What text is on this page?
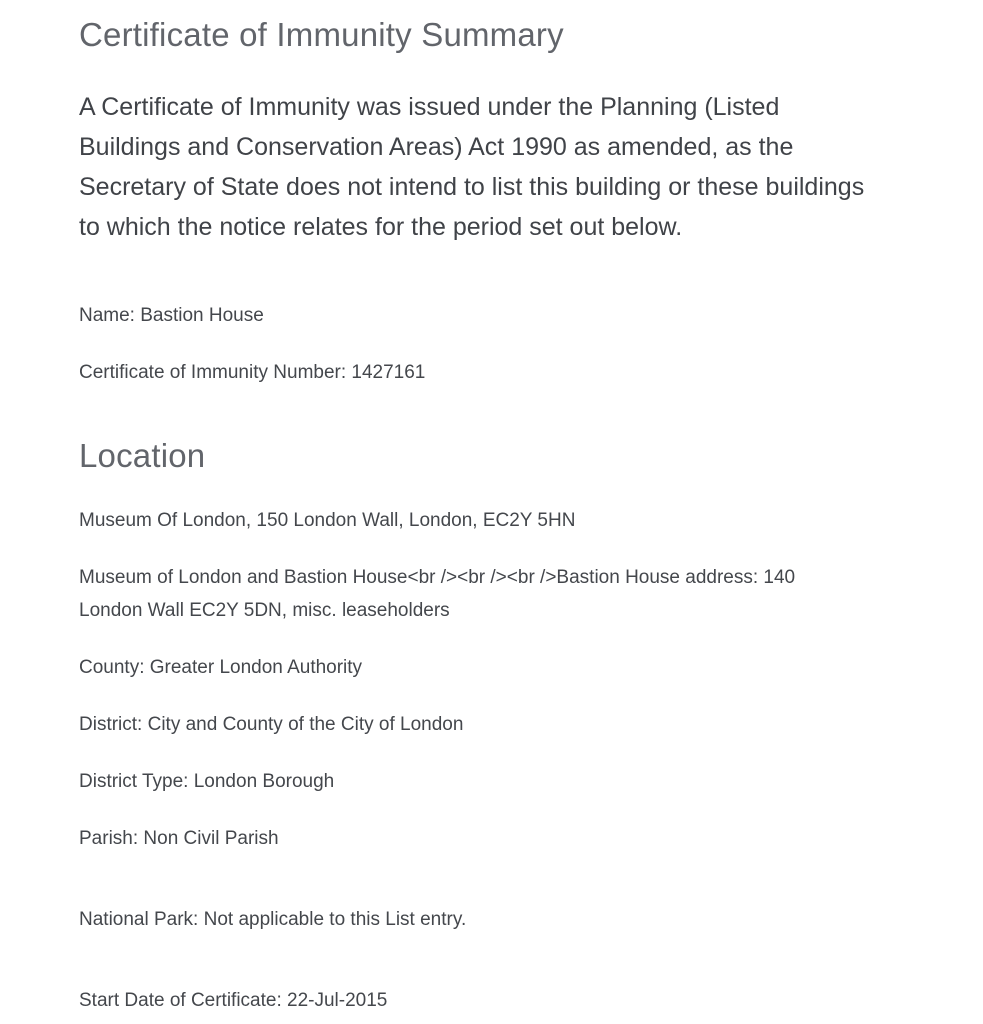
Certificate of Immunity Summary

A Certificate of Immunity was issued under the Planning (Listed Buildings and Conservation Areas) Act 1990 as amended, as the Secretary of State does not intend to list this building or these buildings to which the notice relates for the period set out below.

Name: Bastion House

Certificate of Immunity Number: 1427161

Location

Museum Of London, 150 London Wall, London, EC2Y 5HN

Museum of London and Bastion House<br /><br /><br />Bastion House address: 140 London Wall EC2Y 5DN, misc. leaseholders

County: Greater London Authority

District: City and County of the City of London

District Type: London Borough

Parish: Non Civil Parish

National Park: Not applicable to this List entry.

Start Date of Certificate: 22-Jul-2015
